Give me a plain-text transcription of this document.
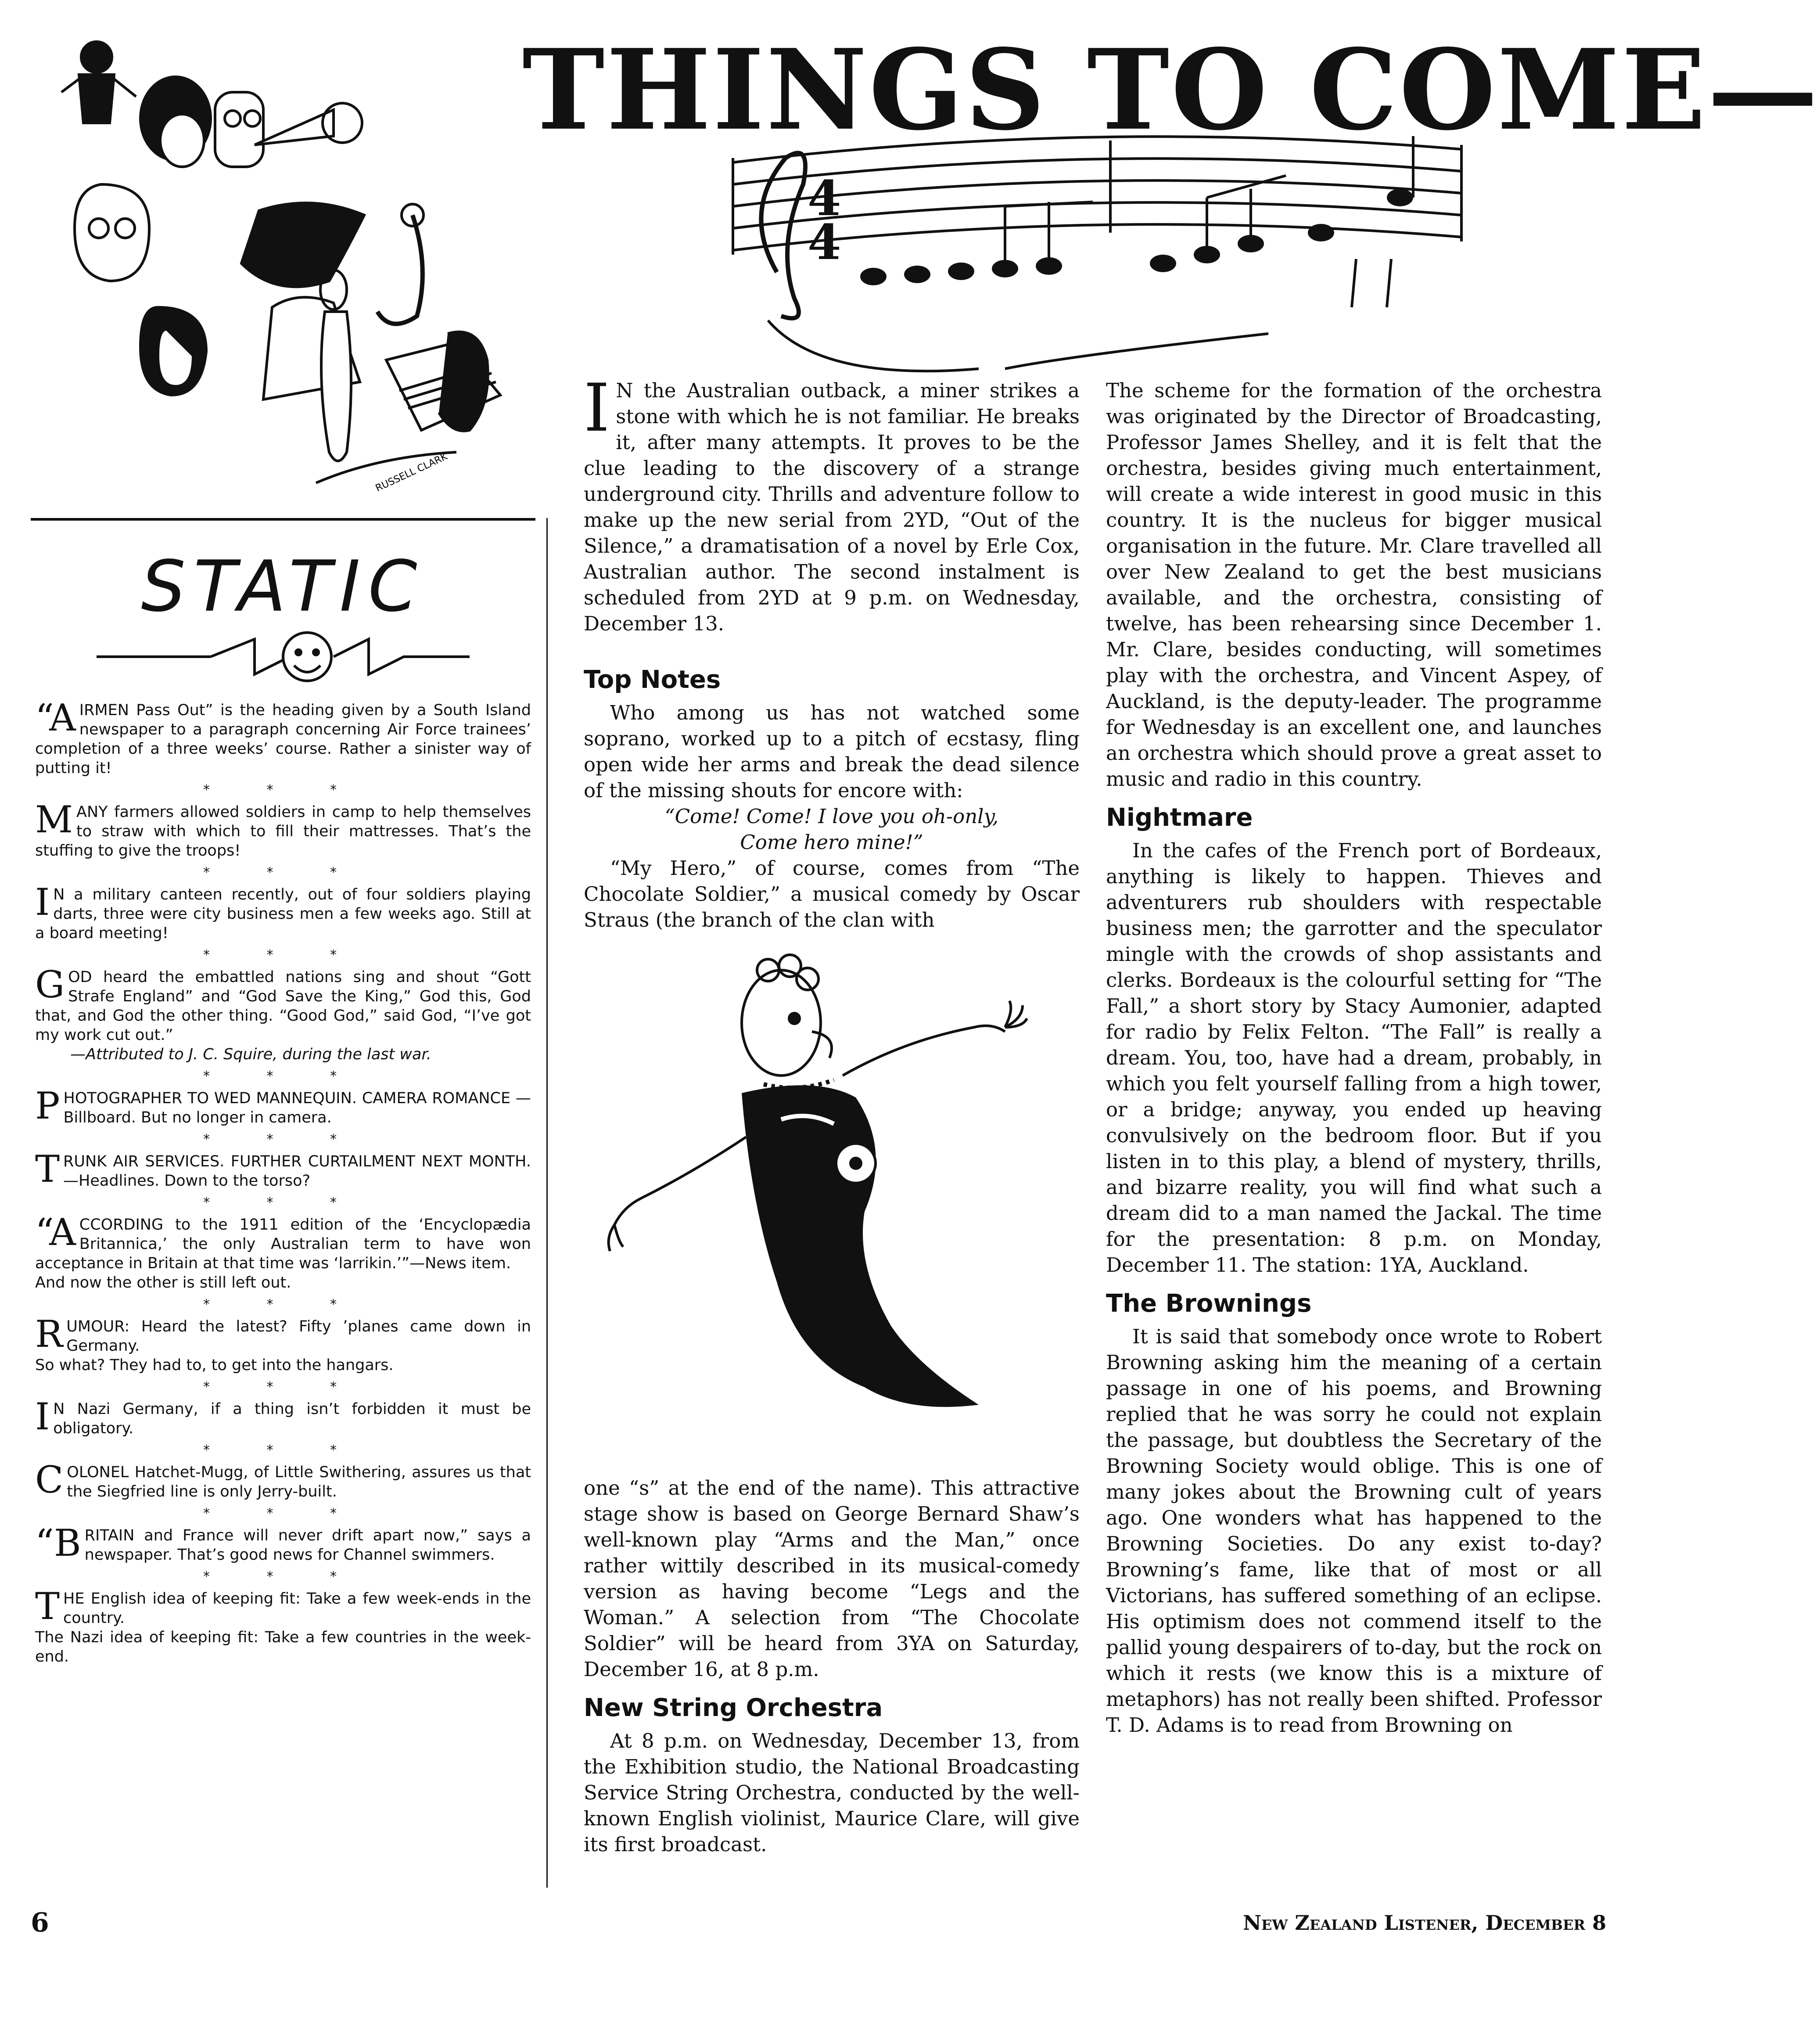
RUSSELL CLARK
THINGS TO COME—
4
4
STATIC
“AIRMEN Pass Out” is the heading given by a South Island newspaper to a paragraph concerning Air Force trainees’ completion of a three weeks’ course. Rather a sinister way of putting it!
* * *
MANY farmers allowed soldiers in camp to help themselves to straw with which to fill their mattresses. That’s the stuffing to give the troops!
* * *
I N a military canteen recently, out of four soldiers playing darts, three were city business men a few weeks ago. Still at a board meeting!
* * *
GOD heard the embattled nations sing and shout “Gott Strafe England” and “God Save the King,” God this, God that, and God the other thing. “Good God,” said God, “I’ve got my work cut out.”
—Attributed to J. C. Squire, during the last war.
* * *
PHOTOGRAPHER TO WED MANNEQUIN. CAMERA ROMANCE — Billboard. But no longer in camera.
* * *
TRUNK AIR SERVICES. FURTHER CURTAILMENT NEXT MONTH.—Headlines. Down to the torso?
* * *
“ACCORDING to the 1911 edition of the ‘Encyclopædia Britannica,’ the only Australian term to have won acceptance in Britain at that time was ‘larrikin.’”—News item.
And now the other is still left out.
* * *
RUMOUR: Heard the latest? Fifty ’planes came down in Germany.
So what? They had to, to get into the hangars.
* * *
I N Nazi Germany, if a thing isn’t forbidden it must be obligatory.
* * *
COLONEL Hatchet-Mugg, of Little Swithering, assures us that the Siegfried line is only Jerry-built.
* * *
“BRITAIN and France will never drift apart now,” says a newspaper. That’s good news for Channel swimmers.
* * *
THE English idea of keeping fit: Take a few week-ends in the country.
The Nazi idea of keeping fit: Take a few countries in the week-end.

I N the Australian outback, a miner strikes a stone with which he is not familiar. He breaks it, after many attempts. It proves to be the clue leading to the discovery of a strange underground city. Thrills and adventure follow to make up the new serial from 2YD, “Out of the Silence,” a dramatisation of a novel by Erle Cox, Australian author. The second instalment is scheduled from 2YD at 9 p.m. on Wednesday, December 13.

Top Notes

Who among us has not watched some soprano, worked up to a pitch of ecstasy, fling open wide her arms and break the dead silence of the missing shouts for encore with:

“Come! Come! I love you oh-only,

Come hero mine!”

“My Hero,” of course, comes from “The Chocolate Soldier,” a musical comedy by Oscar Straus (the branch of the clan with

one “s” at the end of the name). This attractive stage show is based on George Bernard Shaw’s well-known play “Arms and the Man,” once rather wittily described in its musical-comedy version as having become “Legs and the Woman.” A selection from “The Chocolate Soldier” will be heard from 3YA on Saturday, December 16, at 8 p.m.

New String Orchestra

At 8 p.m. on Wednesday, December 13, from the Exhibition studio, the National Broadcasting Service String Orchestra, conducted by the well-known English violinist, Maurice Clare, will give its first broadcast.

The scheme for the formation of the orchestra was originated by the Director of Broadcasting, Professor James Shelley, and it is felt that the orchestra, besides giving much entertainment, will create a wide interest in good music in this country. It is the nucleus for bigger musical organisation in the future. Mr. Clare travelled all over New Zealand to get the best musicians available, and the orchestra, consisting of twelve, has been rehearsing since December 1. Mr. Clare, besides conducting, will sometimes play with the orchestra, and Vincent Aspey, of Auckland, is the deputy-leader. The programme for Wednesday is an excellent one, and launches an orchestra which should prove a great asset to music and radio in this country.

Nightmare

In the cafes of the French port of Bordeaux, anything is likely to happen. Thieves and adventurers rub shoulders with respectable business men; the garrotter and the speculator mingle with the crowds of shop assistants and clerks. Bordeaux is the colourful setting for “The Fall,” a short story by Stacy Aumonier, adapted for radio by Felix Felton. “The Fall” is really a dream. You, too, have had a dream, probably, in which you felt yourself falling from a high tower, or a bridge; anyway, you ended up heaving convulsively on the bedroom floor. But if you listen in to this play, a blend of mystery, thrills, and bizarre reality, you will find what such a dream did to a man named the Jackal. The time for the presentation: 8 p.m. on Monday, December 11. The station: 1YA, Auckland.

The Brownings

It is said that somebody once wrote to Robert Browning asking him the meaning of a certain passage in one of his poems, and Browning replied that he was sorry he could not explain the passage, but doubtless the Secretary of the Browning Society would oblige. This is one of many jokes about the Browning cult of years ago. One wonders what has happened to the Browning Societies. Do any exist to-day? Browning’s fame, like that of most or all Victorians, has suffered something of an eclipse. His optimism does not commend itself to the pallid young despairers of to-day, but the rock on which it rests (we know this is a mixture of metaphors) has not really been shifted. Professor T. D. Adams is to read from Browning on

6	New Zealand Listener, December 8
